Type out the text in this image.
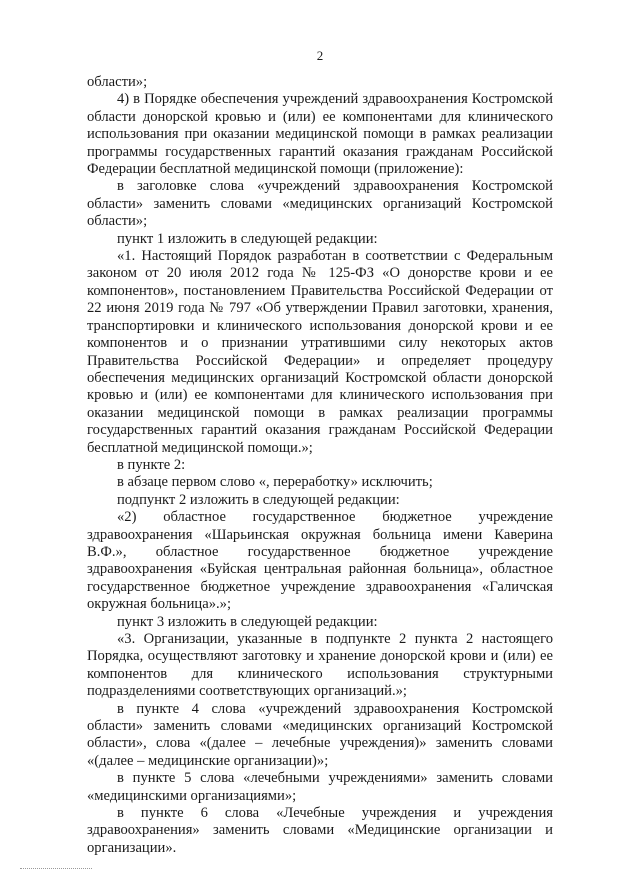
2

области»;

4) в Порядке обеспечения учреждений здравоохранения Костромской области донорской кровью и (или) ее компонентами для клинического использования при оказании медицинской помощи в рамках реализации программы государственных гарантий оказания гражданам Российской Федерации бесплатной медицинской помощи (приложение):

в заголовке слова «учреждений здравоохранения Костромской области» заменить словами «медицинских организаций Костромской области»;

пункт 1 изложить в следующей редакции:

«1. Настоящий Порядок разработан в соответствии с Федеральным законом от 20 июля 2012 года № 125-ФЗ «О донорстве крови и ее компонентов», постановлением Правительства Российской Федерации от 22 июня 2019 года № 797 «Об утверждении Правил заготовки, хранения, транспортировки и клинического использования донорской крови и ее компонентов и о признании утратившими силу некоторых актов Правительства Российской Федерации» и определяет процедуру обеспечения медицинских организаций Костромской области донорской кровью и (или) ее компонентами для клинического использования при оказании медицинской помощи в рамках реализации программы государственных гарантий оказания гражданам Российской Федерации бесплатной медицинской помощи.»;

в пункте 2:

в абзаце первом слово «, переработку» исключить;

подпункт 2 изложить в следующей редакции:

«2) областное государственное бюджетное учреждение здравоохранения «Шарьинская окружная больница имени Каверина В.Ф.», областное государственное бюджетное учреждение здравоохранения «Буйская центральная районная больница», областное государственное бюджетное учреждение здравоохранения «Галичская окружная больница».»;

пункт 3 изложить в следующей редакции:

«3. Организации, указанные в подпункте 2 пункта 2 настоящего Порядка, осуществляют заготовку и хранение донорской крови и (или) ее компонентов для клинического использования структурными подразделениями соответствующих организаций.»;

в пункте 4 слова «учреждений здравоохранения Костромской области» заменить словами «медицинских организаций Костромской области», слова «(далее – лечебные учреждения)» заменить словами «(далее – медицинские организации)»;

в пункте 5 слова «лечебными учреждениями» заменить словами «медицинскими организациями»;

в пункте 6 слова «Лечебные учреждения и учреждения здравоохранения» заменить словами «Медицинские организации и организации».
